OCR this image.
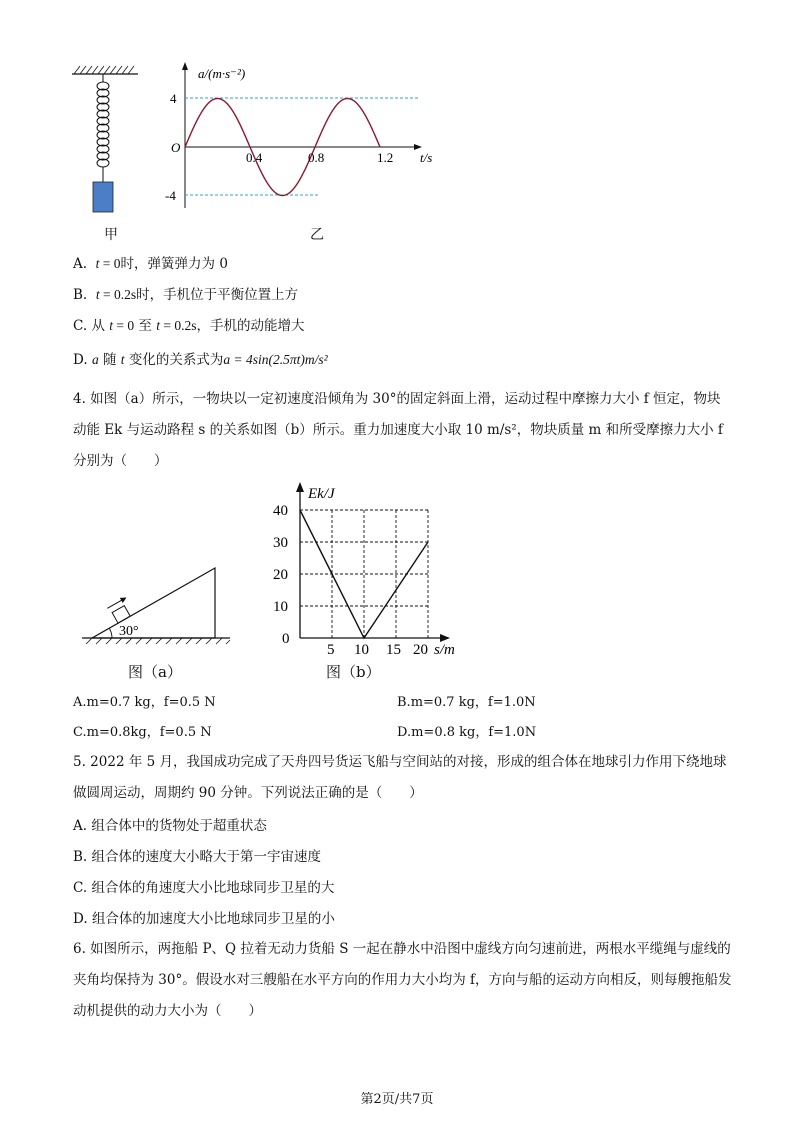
甲
a/(m·s⁻²)
t/s
O
4
-4
0.4	0.8	1.2
乙
A. t = 0时，弹簧弹力为 0
B. t = 0.2s时，手机位于平衡位置上方
C. 从 t = 0 至 t = 0.2s，手机的动能增大
D. a 随 t 变化的关系式为a = 4sin(2.5πt)m/s²
4. 如图（a）所示，一物块以一定初速度沿倾角为 30°的固定斜面上滑，运动过程中摩擦力大小 f 恒定，物块动能 Ek 与运动路程 s 的关系如图（b）所示。重力加速度大小取 10 m/s²，物块质量 m 和所受摩擦力大小 f 分别为（　　）
30°
图（a）
Ek/J
s/m
40
30
20
10
0
5 10 15 20
图（b）
A.m=0.7 kg，f=0.5 N	B.m=0.7 kg，f=1.0N
C.m=0.8kg，f=0.5 N	D.m=0.8 kg，f=1.0N
5. 2022 年 5 月，我国成功完成了天舟四号货运飞船与空间站的对接，形成的组合体在地球引力作用下绕地球做圆周运动，周期约 90 分钟。下列说法正确的是（　　）
A. 组合体中的货物处于超重状态
B. 组合体的速度大小略大于第一宇宙速度
C. 组合体的角速度大小比地球同步卫星的大
D. 组合体的加速度大小比地球同步卫星的小
6. 如图所示，两拖船 P、Q 拉着无动力货船 S 一起在静水中沿图中虚线方向匀速前进，两根水平缆绳与虚线的夹角均保持为 30°。假设水对三艘船在水平方向的作用力大小均为 f，方向与船的运动方向相反，则每艘拖船发动机提供的动力大小为（　　）
第2页/共7页
